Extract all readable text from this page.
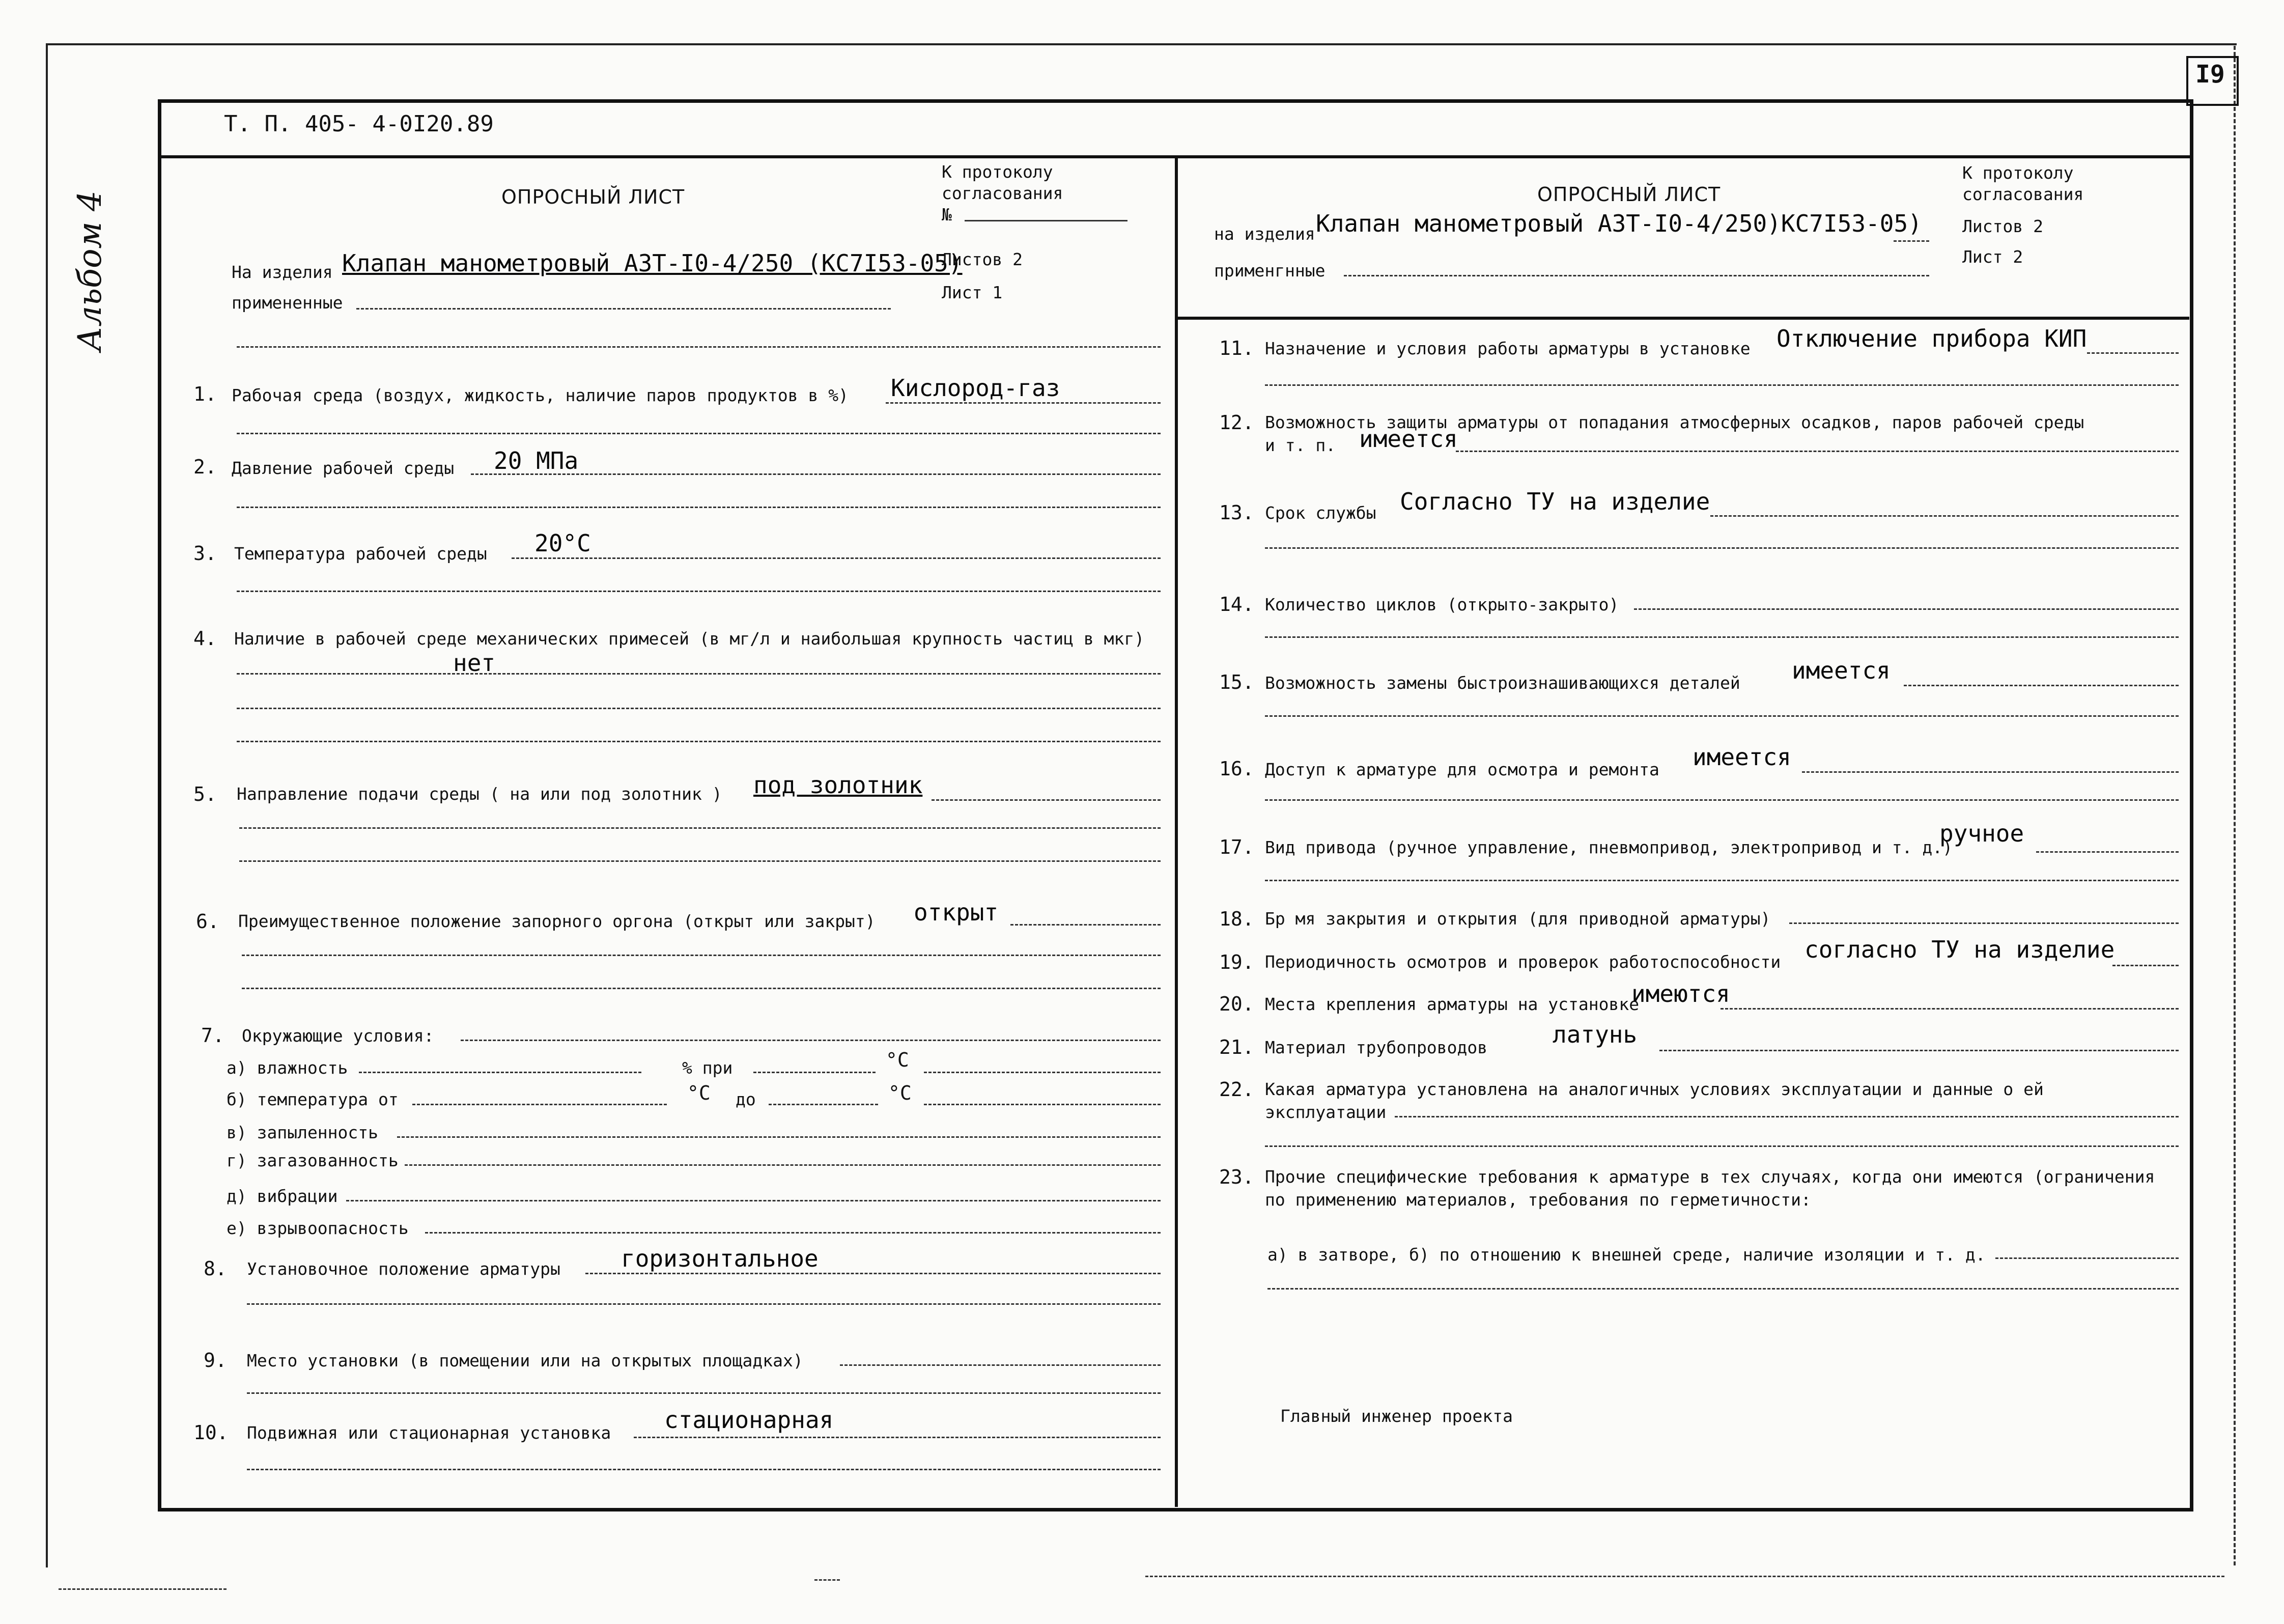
I9
Альбом 4
Т. П. 405- 4-0I20.89
ОПРОСНЫЙ ЛИСТ
К протоколу
согласования
№
На изделия Клапан манометровый АЗТ-I0-4/250 (КС7I53-05)
Листов 2
Лист 1
примененные
1. Рабочая среда (воздух, жидкость, наличие паров продуктов в %) Кислород-газ
2. Давление рабочей среды 20 МПа
3. Температура рабочей среды 20°С
4. Наличие в рабочей среде механических примесей (в мг/л и наибольшая крупность частиц в мкг)
нет
5. Направление подачи среды ( на или под золотник ) под золотник
6. Преимущественное положение запорного оргона (открыт или закрыт) открыт
7. Окружающие условия:
а) влажность	% при	°С
б) температура от	°С до	°С
в) запыленность
г) загазованность
д) вибрации
е) взрывоопасность
8. Установочное положение арматуры	горизонтальное
9. Место установки (в помещении или на открытых площадках)
10. Подвижная или стационарная установка стационарная
ОПРОСНЫЙ ЛИСТ
К протоколу
согласования
Листов 2
Лист 2
на изделия Клапан манометровый АЗТ-I0-4/250)КС7I53-05)
применгнные
11. Назначение и условия работы арматуры в установке Отключение прибора КИП
12. Возможность защиты арматуры от попадания атмосферных осадков, паров рабочей среды
и т. п. имеется
13. Срок службы Согласно ТУ на изделие
14. Количество циклов (открыто-закрыто)
15. Возможность замены быстроизнашивающихся деталей имеется
16. Доступ к арматуре для осмотра и ремонта имеется
17. Вид привода (ручное управление, пневмопривод, электропривод и т. д.)
ручное
18. Бр мя закрытия и открытия (для приводной арматуры)
19. Периодичность осмотров и проверок работоспособности согласно ТУ на изделие
20. Места крепления арматуры на установке
имеются
21. Материал трубопроводов	латунь
22. Какая арматура установлена на аналогичных условиях эксплуатации и данные о ей
эксплуатации
23. Прочие специфические требования к арматуре в тех случаях, когда они имеются (ограничения
по применению материалов, требования по герметичности:
а) в затворе, б) по отношению к внешней среде, наличие изоляции и т. д.
Главный инженер проекта
